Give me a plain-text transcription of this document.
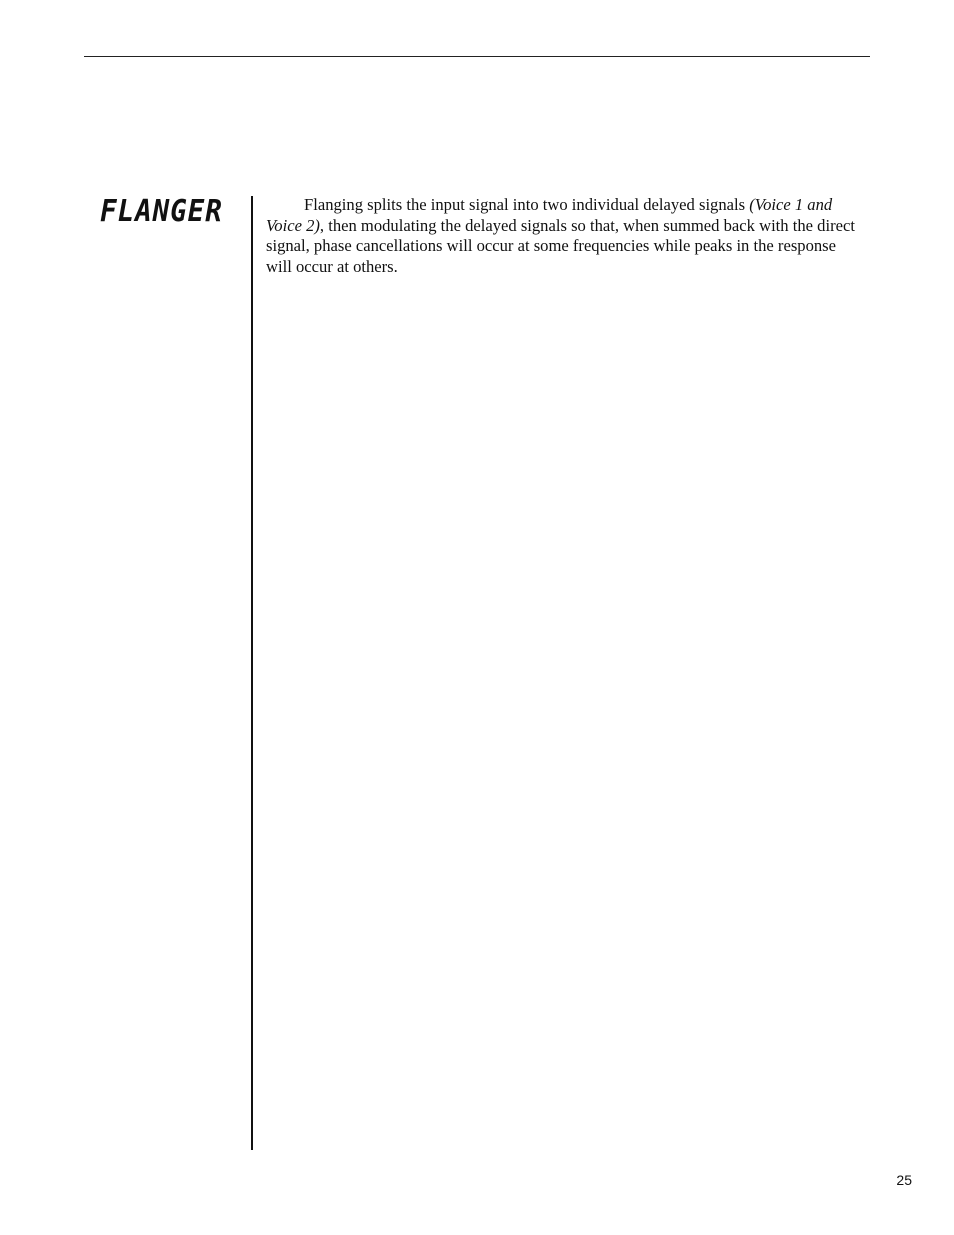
FLANGER	Flanging splits the input signal into two individual delayed signals (Voice 1 and Voice 2), then modulating the delayed signals so that, when summed back with the direct signal, phase cancellations will occur at some frequencies while peaks in the response will occur at others.

25
